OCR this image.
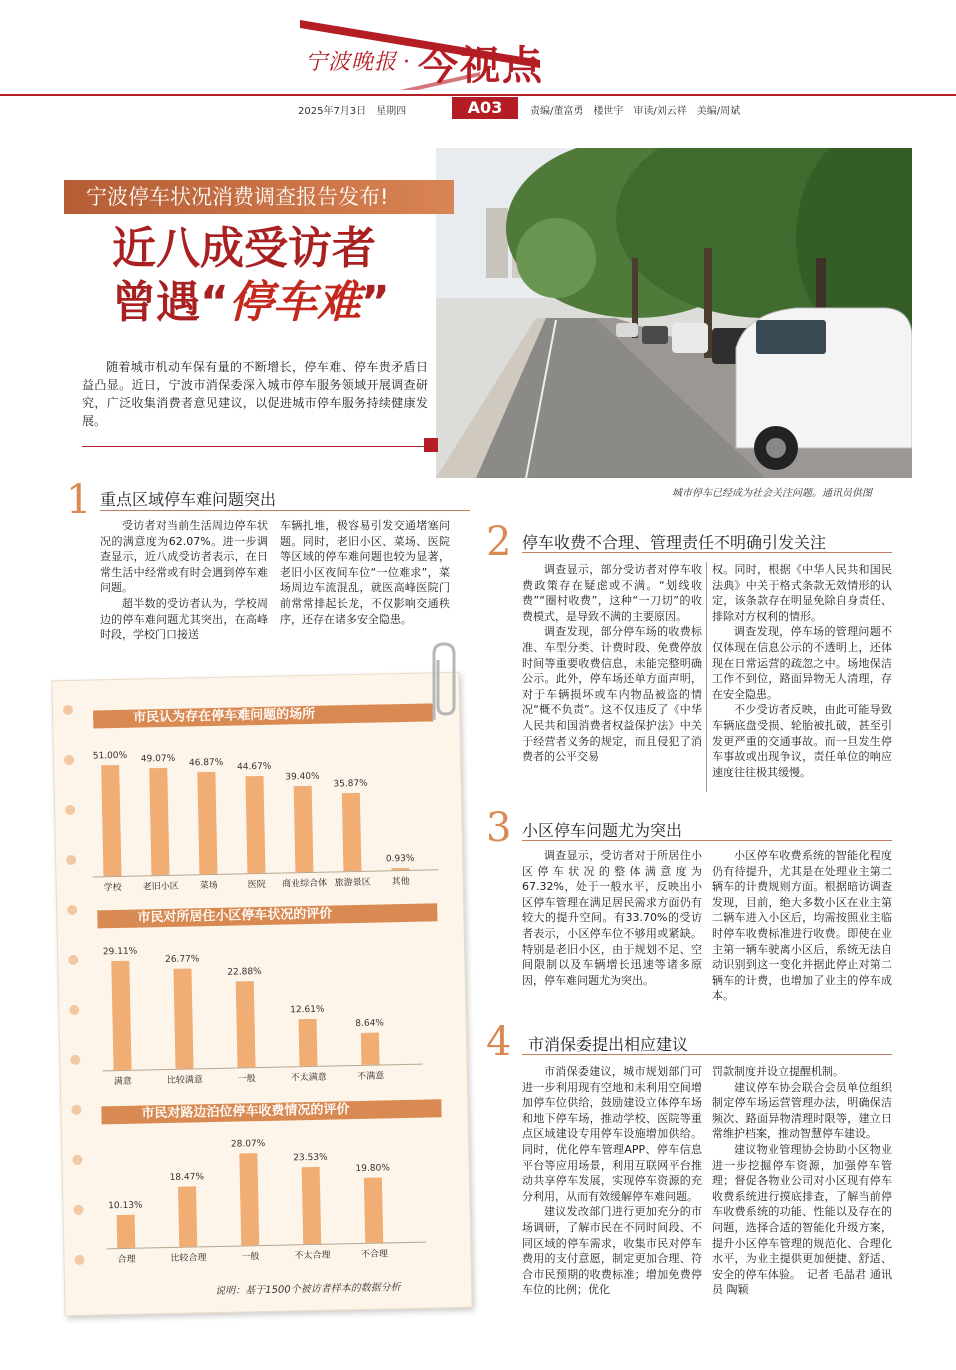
宁波晚报 · 今视点
2025年7月3日　星期四	A03	责编/董富勇　楼世宇　审读/刘云祥　美编/周斌
宁波停车状况消费调查报告发布!
近八成受访者
曾遇“停车难”
随着城市机动车保有量的不断增长，停车难、停车贵矛盾日益凸显。近日，宁波市消保委深入城市停车服务领域开展调查研究，广泛收集消费者意见建议，以促进城市停车服务持续健康发展。
城市停车已经成为社会关注问题。通讯员供图
1 重点区域停车难问题突出

受访者对当前生活周边停车状况的满意度为62.07%。进一步调查显示，近八成受访者表示，在日常生活中经常或有时会遇到停车难问题。

超半数的受访者认为，学校周边的停车难问题尤其突出，在高峰时段，学校门口接送

车辆扎堆，极容易引发交通堵塞问题。同时，老旧小区、菜场、医院等区域的停车难问题也较为显著，老旧小区夜间车位“一位难求”，菜场周边车流混乱，就医高峰医院门前常常排起长龙，不仅影响交通秩序，还存在诸多安全隐患。

市民认为存在停车难问题的场所
51.00%
学校
49.07%
老旧小区
46.87%
菜场
44.67%
医院
39.40%
商业综合体
35.87%
旅游景区
0.93%
其他
市民对所居住小区停车状况的评价
29.11%
满意
26.77%
比较满意
22.88%
一般
12.61%
不太满意
8.64%
不满意
市民对路边泊位停车收费情况的评价
10.13%
合理
18.47%
比较合理
28.07%
一般
23.53%
不太合理
19.80%
不合理
说明：基于1500个被访者样本的数据分析
2 停车收费不合理、管理责任不明确引发关注

调查显示，部分受访者对停车收费政策存在疑虑或不满。“划线收费”“圈村收费”，这种“一刀切”的收费模式，是导致不满的主要原因。

调查发现，部分停车场的收费标准、车型分类、计费时段、免费停放时间等重要收费信息，未能完整明确公示。此外，停车场还单方面声明，对于车辆损坏或车内物品被盗的情况“概不负责”。这不仅违反了《中华人民共和国消费者权益保护法》中关于经营者义务的规定，而且侵犯了消费者的公平交易

权。同时，根据《中华人民共和国民法典》中关于格式条款无效情形的认定，该条款存在明显免除自身责任、排除对方权利的情形。

调查发现，停车场的管理问题不仅体现在信息公示的不透明上，还体现在日常运营的疏忽之中。场地保洁工作不到位，路面异物无人清理，存在安全隐患。

不少受访者反映，由此可能导致车辆底盘受损、轮胎被扎破，甚至引发更严重的交通事故。而一旦发生停车事故或出现争议，责任单位的响应速度往往极其缓慢。

3 小区停车问题尤为突出

调查显示，受访者对于所居住小区停车状况的整体满意度为67.32%，处于一般水平，反映出小区停车管理在满足居民需求方面仍有较大的提升空间。有33.70%的受访者表示，小区停车位不够用或紧缺。特别是老旧小区，由于规划不足、空间限制以及车辆增长迅速等诸多原因，停车难问题尤为突出。

小区停车收费系统的智能化程度仍有待提升，尤其是在处理业主第二辆车的计费规则方面。根据暗访调查发现，目前，绝大多数小区在业主第二辆车进入小区后，均需按照业主临时停车收费标准进行收费。即使在业主第一辆车驶离小区后，系统无法自动识别到这一变化并据此停止对第二辆车的计费，也增加了业主的停车成本。

4 市消保委提出相应建议

市消保委建议，城市规划部门可进一步利用现有空地和未利用空间增加停车位供给，鼓励建设立体停车场和地下停车场，推动学校、医院等重点区域建设专用停车设施增加供给。同时，优化停车管理APP、停车信息平台等应用场景，利用互联网平台推动共享停车发展，实现停车资源的充分利用，从而有效缓解停车难问题。

建议发改部门进行更加充分的市场调研，了解市民在不同时间段、不同区域的停车需求，收集市民对停车费用的支付意愿，制定更加合理、符合市民预期的收费标准；增加免费停车位的比例；优化

罚款制度并设立提醒机制。

建议停车协会联合会员单位组织制定停车场运营管理办法，明确保洁频次、路面异物清理时限等，建立日常维护档案，推动智慧停车建设。

建议物业管理协会协助小区物业进一步挖掘停车资源，加强停车管理；督促各物业公司对小区现有停车收费系统进行摸底排查，了解当前停车收费系统的功能、性能以及存在的问题，选择合适的智能化升级方案，提升小区停车管理的规范化、合理化水平，为业主提供更加便捷、舒适、安全的停车体验。　记者 毛晶君 通讯员 陶颖
